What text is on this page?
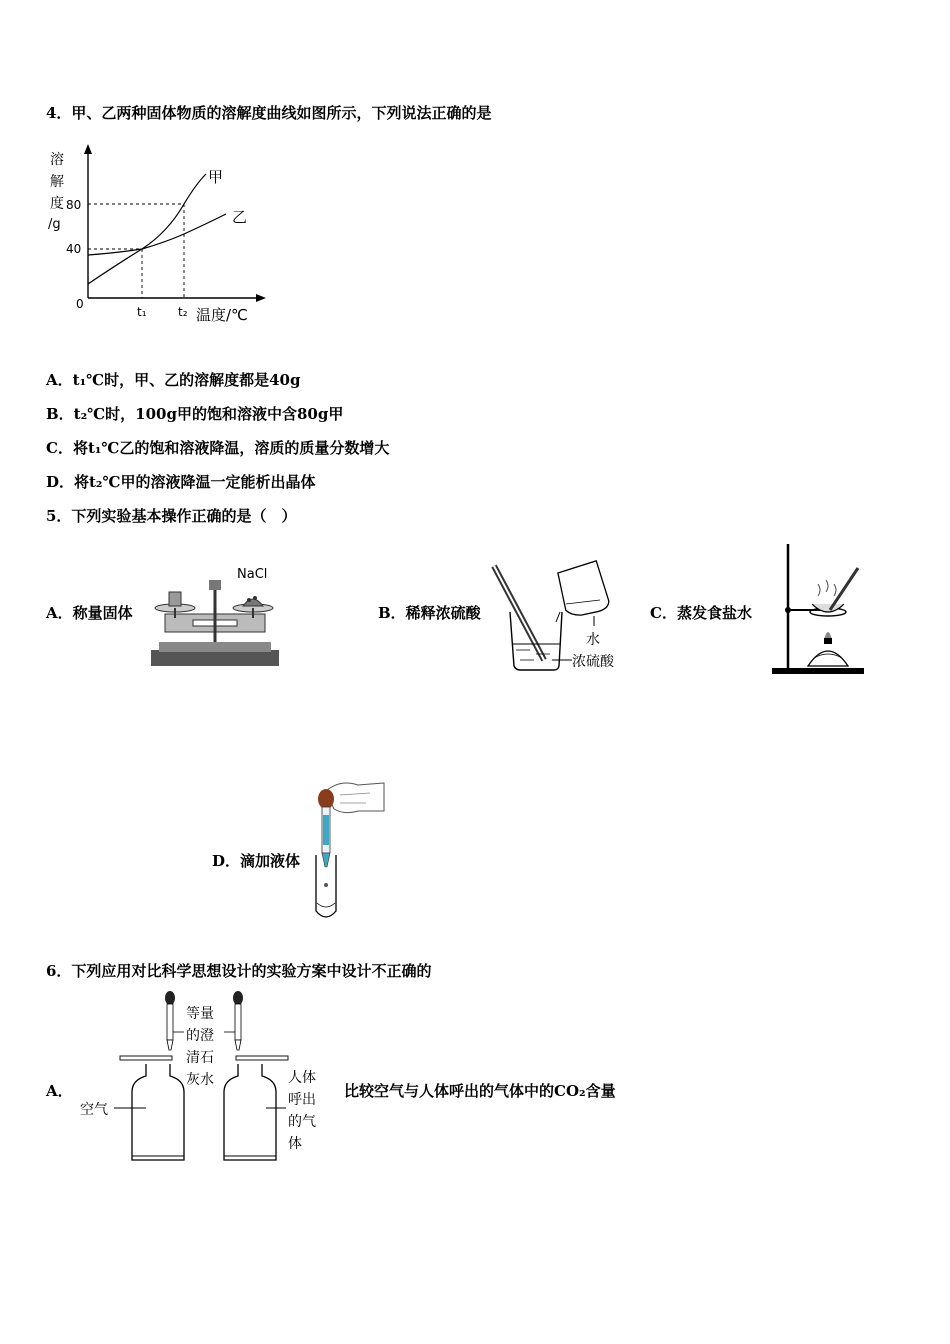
4．甲、乙两种固体物质的溶解度曲线如图所示，下列说法正确的是
溶
解
度
/g
80
40
0
t₁	t₂ 温度/℃
甲
乙
A．t₁℃时，甲、乙的溶解度都是40g
B．t₂℃时，100g甲的饱和溶液中含80g甲
C．将t₁℃乙的饱和溶液降温，溶质的质量分数增大
D．将t₂℃甲的溶液降温一定能析出晶体
5．下列实验基本操作正确的是（　）
A．称量固体
NaCl
B．稀释浓硫酸
水
浓硫酸
C．蒸发食盐水
D．滴加液体
6．下列应用对比科学思想设计的实验方案中设计不正确的
A．
等量
的澄
清石
灰水
空气
人体
呼出
的气
体
比较空气与人体呼出的气体中的CO₂含量
